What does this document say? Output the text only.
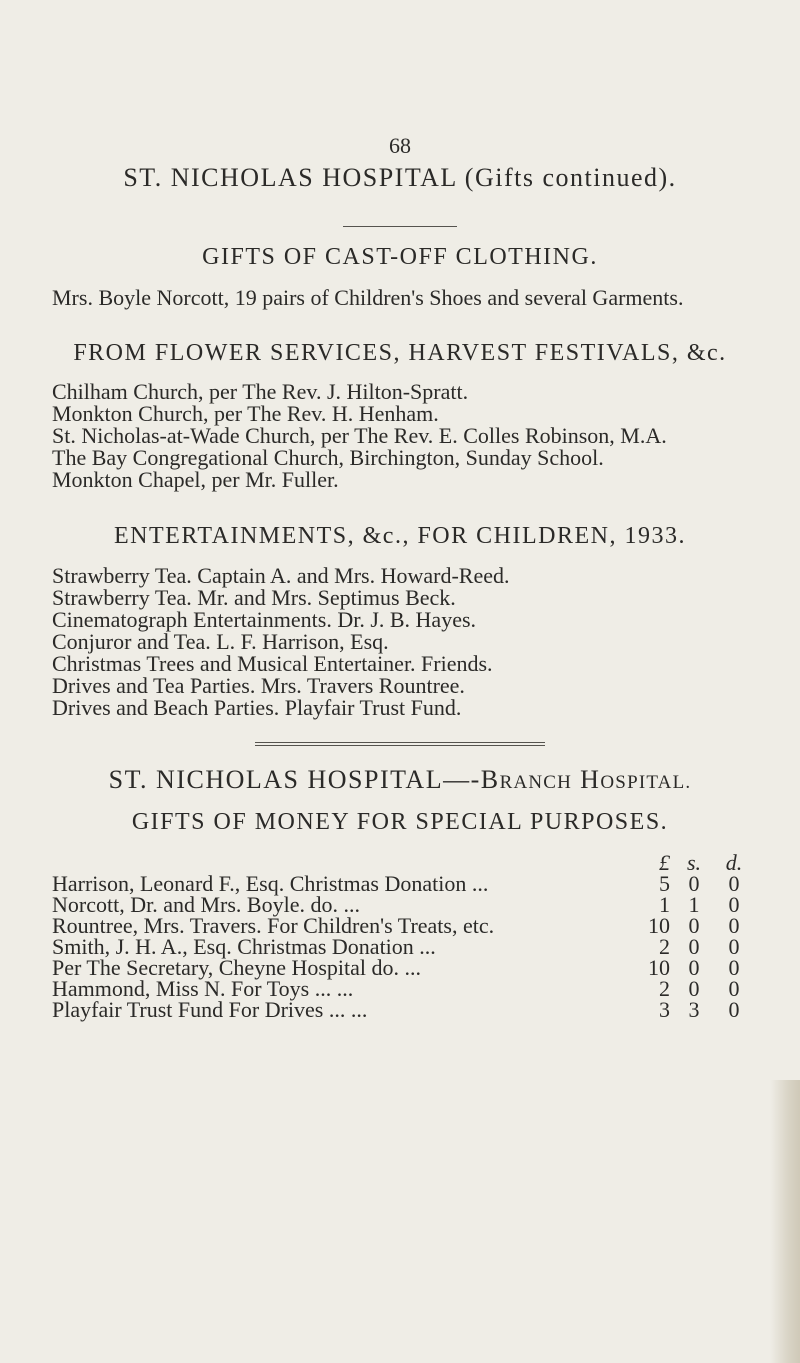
68
ST. NICHOLAS HOSPITAL (Gifts continued).
GIFTS OF CAST-OFF CLOTHING.
Mrs. Boyle Norcott, 19 pairs of Children's Shoes and several Garments.
FROM FLOWER SERVICES, HARVEST FESTIVALS, &c.
Chilham Church, per The Rev. J. Hilton-Spratt.
Monkton Church, per The Rev. H. Henham.
St. Nicholas-at-Wade Church, per The Rev. E. Colles Robinson, M.A.
The Bay Congregational Church, Birchington, Sunday School.
Monkton Chapel, per Mr. Fuller.
ENTERTAINMENTS, &c., FOR CHILDREN, 1933.
Strawberry Tea. Captain A. and Mrs. Howard-Reed.
Strawberry Tea. Mr. and Mrs. Septimus Beck.
Cinematograph Entertainments. Dr. J. B. Hayes.
Conjuror and Tea. L. F. Harrison, Esq.
Christmas Trees and Musical Entertainer. Friends.
Drives and Tea Parties. Mrs. Travers Rountree.
Drives and Beach Parties. Playfair Trust Fund.
ST. NICHOLAS HOSPITAL—-BRANCH HOSPITAL.
GIFTS OF MONEY FOR SPECIAL PURPOSES.
£ s. d.
Harrison, Leonard F., Esq. Christmas Donation ...	5 0 0
Norcott, Dr. and Mrs. Boyle. do. ...	1 1 0
Rountree, Mrs. Travers. For Children's Treats, etc.	10 0 0
Smith, J. H. A., Esq. Christmas Donation ...	2 0 0
Per The Secretary, Cheyne Hospital do. ...	10 0 0
Hammond, Miss N. For Toys ... ...	2 0 0
Playfair Trust Fund For Drives ... ...	3 3 0
